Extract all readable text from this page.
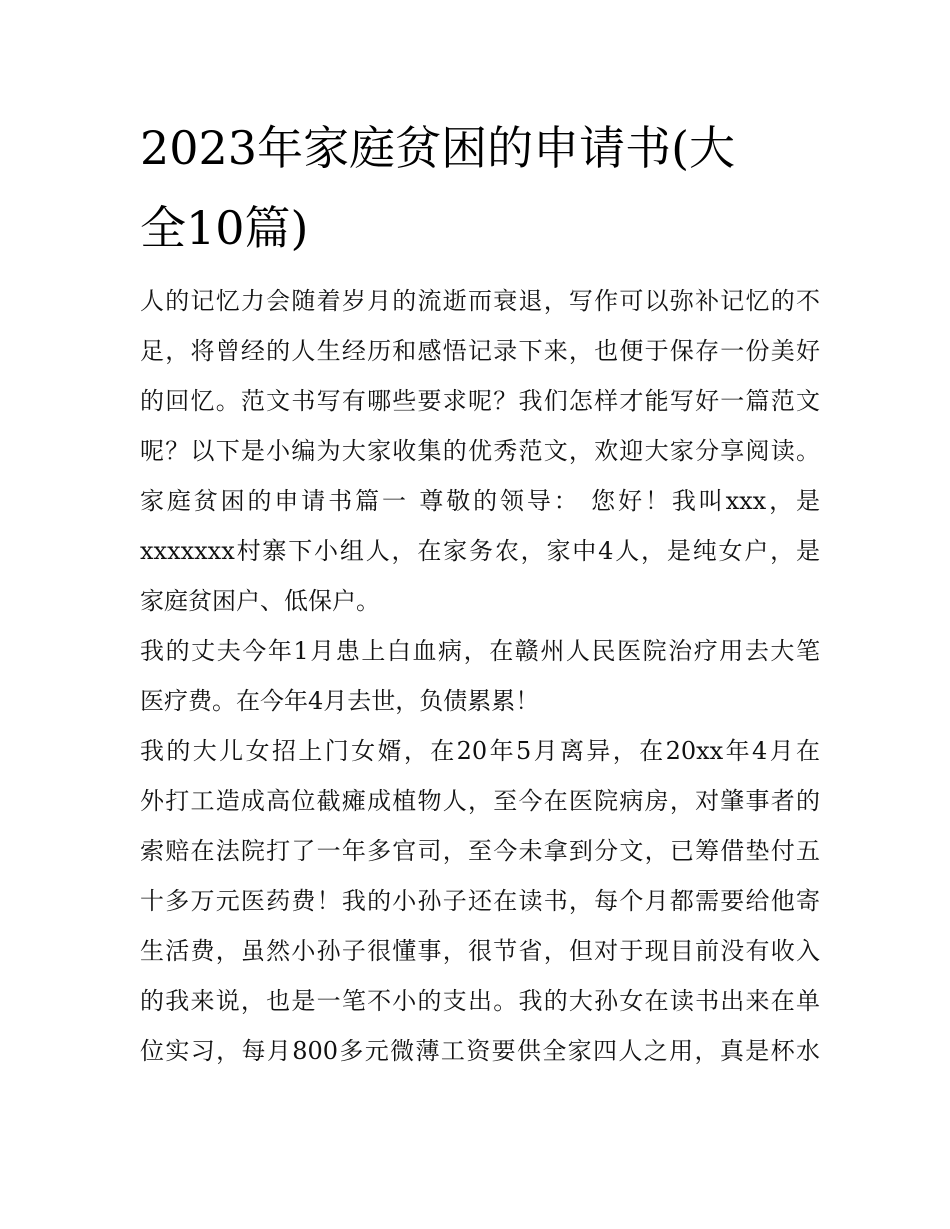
2023年家庭贫困的申请书(大
全10篇)
人的记忆力会随着岁月的流逝而衰退，写作可以弥补记忆的不
足，将曾经的人生经历和感悟记录下来，也便于保存一份美好
的回忆。范文书写有哪些要求呢？我们怎样才能写好一篇范文
呢？以下是小编为大家收集的优秀范文，欢迎大家分享阅读。
家庭贫困的申请书篇一 尊敬的领导： 您好！我叫xxx，是
xxxxxxx村寨下小组人，在家务农，家中4人，是纯女户，是
家庭贫困户、低保户。
我的丈夫今年1月患上白血病，在赣州人民医院治疗用去大笔
医疗费。在今年4月去世，负债累累！
我的大儿女招上门女婿，在20年5月离异，在20xx年4月在
外打工造成高位截瘫成植物人，至今在医院病房，对肇事者的
索赔在法院打了一年多官司，至今未拿到分文，已筹借垫付五
十多万元医药费！我的小孙子还在读书，每个月都需要给他寄
生活费，虽然小孙子很懂事，很节省，但对于现目前没有收入
的我来说，也是一笔不小的支出。我的大孙女在读书出来在单
位实习，每月800多元微薄工资要供全家四人之用，真是杯水
